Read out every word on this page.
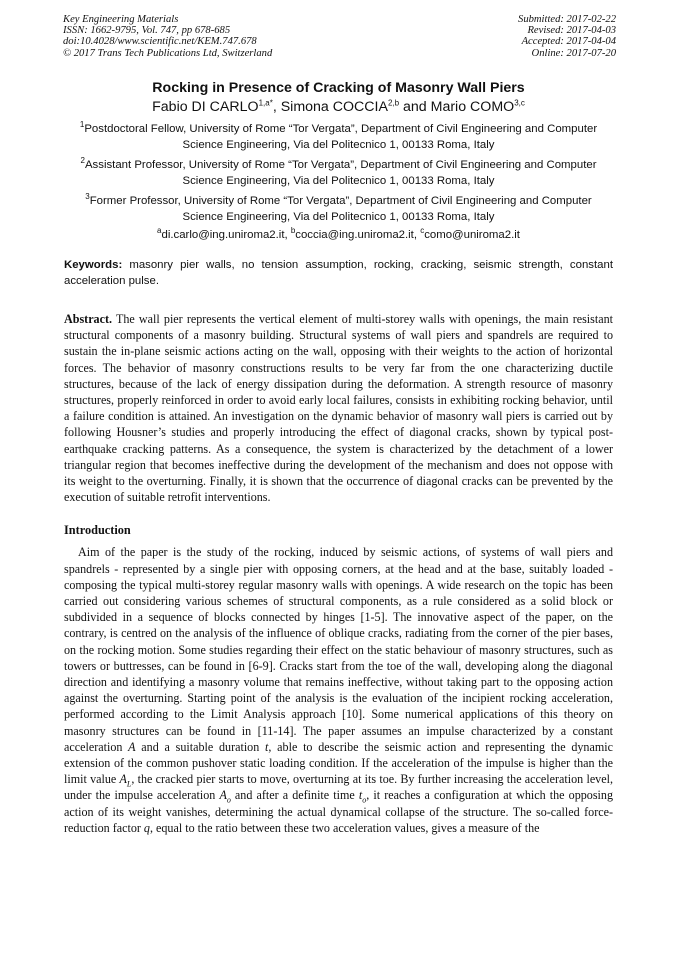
Key Engineering Materials
ISSN: 1662-9795, Vol. 747, pp 678-685
doi:10.4028/www.scientific.net/KEM.747.678
© 2017 Trans Tech Publications Ltd, Switzerland
Submitted: 2017-02-22
Revised: 2017-04-03
Accepted: 2017-04-04
Online: 2017-07-20
Rocking in Presence of Cracking of Masonry Wall Piers
Fabio DI $CARLO^{1,a*}$, Simona COCCIA$^{2,b}$ and Mario COMO$^{3,c}$
$^1$Postdoctoral Fellow, University of Rome “Tor Vergata”, Department of Civil Engineering and Computer Science Engineering, Via del Politecnico 1, 00133 Roma, Italy
$^2$Assistant Professor, University of Rome “Tor Vergata”, Department of Civil Engineering and Computer Science Engineering, Via del Politecnico 1, 00133 Roma, Italy
$^3$Former Professor, University of Rome “Tor Vergata”, Department of Civil Engineering and Computer Science Engineering, Via del Politecnico 1, 00133 Roma, Italy
$^a$di.carlo@ing.uniroma2.it, $^b$coccia@ing.uniroma2.it, $^c$como@uniroma2.it
Keywords: masonry pier walls, no tension assumption, rocking, cracking, seismic strength, constant acceleration pulse.
Abstract. The wall pier represents the vertical element of multi-storey walls with openings, the main resistant structural components of a masonry building. Structural systems of wall piers and spandrels are required to sustain the in-plane seismic actions acting on the wall, opposing with their weights to the action of horizontal forces. The behavior of masonry constructions results to be very far from the one characterizing ductile structures, because of the lack of energy dissipation during the deformation. A strength resource of masonry structures, properly reinforced in order to avoid early local failures, consists in exhibiting rocking behavior, until a failure condition is attained. An investigation on the dynamic behavior of masonry wall piers is carried out by following Housner’s studies and properly introducing the effect of diagonal cracks, shown by typical post-earthquake cracking patterns. As a consequence, the system is characterized by the detachment of a lower triangular region that becomes ineffective during the development of the mechanism and does not oppose with its weight to the overturning. Finally, it is shown that the occurrence of diagonal cracks can be prevented by the execution of suitable retrofit interventions.
Introduction

Aim of the paper is the study of the rocking, induced by seismic actions, of systems of wall piers and spandrels - represented by a single pier with opposing corners, at the head and at the base, suitably loaded - composing the typical multi-storey regular masonry walls with openings. A wide research on the topic has been carried out considering various schemes of structural components, as a rule considered as a solid block or subdivided in a sequence of blocks connected by hinges [1-5]. The innovative aspect of the paper, on the contrary, is centred on the analysis of the influence of oblique cracks, radiating from the corner of the pier bases, on the rocking motion. Some studies regarding their effect on the static behaviour of masonry structures, such as towers or buttresses, can be found in [6-9]. Cracks start from the toe of the wall, developing along the diagonal direction and identifying a masonry volume that remains ineffective, without taking part to the opposing action against the overturning. Starting point of the analysis is the evaluation of the incipient rocking acceleration, performed according to the Limit Analysis approach [10]. Some numerical applications of this theory on masonry structures can be found in [11-14]. The paper assumes an impulse characterized by a constant acceleration A and a suitable duration t, able to describe the seismic action and representing the dynamic extension of the common pushover static loading condition. If the acceleration of the impulse is higher than the limit value $A_L$, the cracked pier starts to move, overturning at its toe. By further increasing the acceleration level, under the impulse acceleration $A_o$ and after a definite time $t_o$, it reaches a configuration at which the opposing action of its weight vanishes, determining the actual dynamical collapse of the structure. The so-called force-reduction factor q, equal to the ratio between these two acceleration values, gives a measure of the
